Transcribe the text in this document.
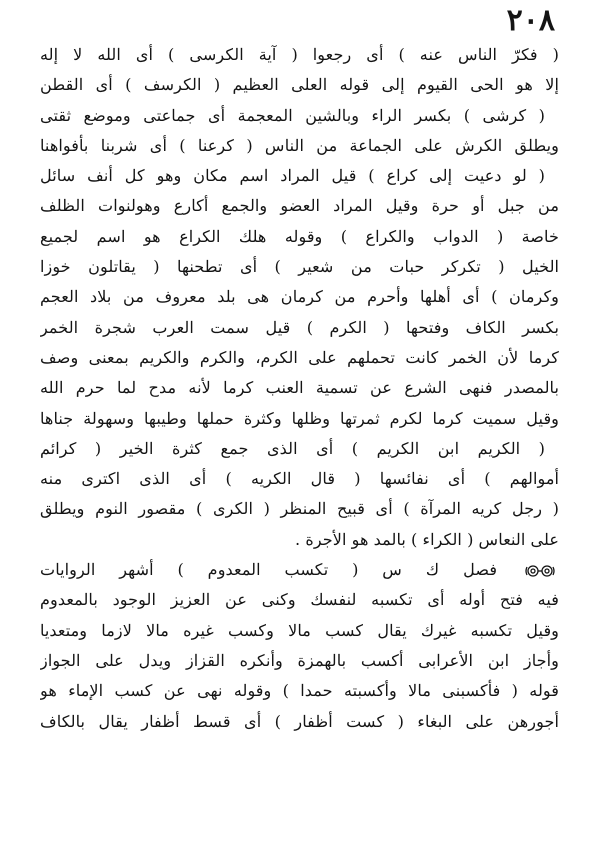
٢٠٨
( فكرّ الناس عنه ) أى رجعوا ( آية الكرسى ) أى الله لا إله
إلا هو الحى القيوم إلى قوله العلى العظيم ( الكرسف ) أى القطن
( كرشى ) بكسر الراء وبالشين المعجمة أى جماعتى وموضع ثقتى
ويطلق الكرش على الجماعة من الناس ( كرعنا ) أى شربنا بأفواهنا
( لو دعيت إلى كراع ) قيل المراد اسم مكان وهو كل أنف سائل
من جبل أو حرة وقيل المراد العضو والجمع أكارع وهولنوات الظلف
خاصة ( الدواب والكراع ) وقوله هلك الكراع هو اسم لجميع
الخيل ( تكركر حبات من شعير ) أى تطحنها ( يقاتلون خوزا
وكرمان ) أى أهلها وأحرم من كرمان هى بلد معروف من بلاد العجم
بكسر الكاف وفتحها ( الكرم ) قيل سمت العرب شجرة الخمر
كرما لأن الخمر كانت تحملهم على الكرم، والكرم والكريم بمعنى وصف
بالمصدر فنهى الشرع عن تسمية العنب كرما لأنه مدح لما حرم الله
وقيل سميت كرما لكرم ثمرتها وظلها وكثرة حملها وطيبها وسهولة جناها
( الكريم ابن الكريم ) أى الذى جمع كثرة الخير ( كرائم
أموالهم ) أى نفائسها ( قال الكريه ) أى الذى اكترى منه
( رجل كريه المرآة ) أى قبيح المنظر ( الكرى ) مقصور النوم ويطلق
على النعاس ( الكراء ) بالمد هو الأجرة .
فصل ك س ( تكسب المعدوم ) أشهر الروايات
فيه فتح أوله أى تكسبه لنفسك وكنى عن العزيز الوجود بالمعدوم
وقيل تكسبه غيرك يقال كسب مالا وكسب غيره مالا لازما ومتعديا
وأجاز ابن الأعرابى أكسب بالهمزة وأنكره القزاز ويدل على الجواز
قوله ( فأكسبنى مالا وأكسبته حمدا ) وقوله نهى عن كسب الإماء هو
أجورهن على البغاء ( كست أظفار ) أى قسط أظفار يقال بالكاف
